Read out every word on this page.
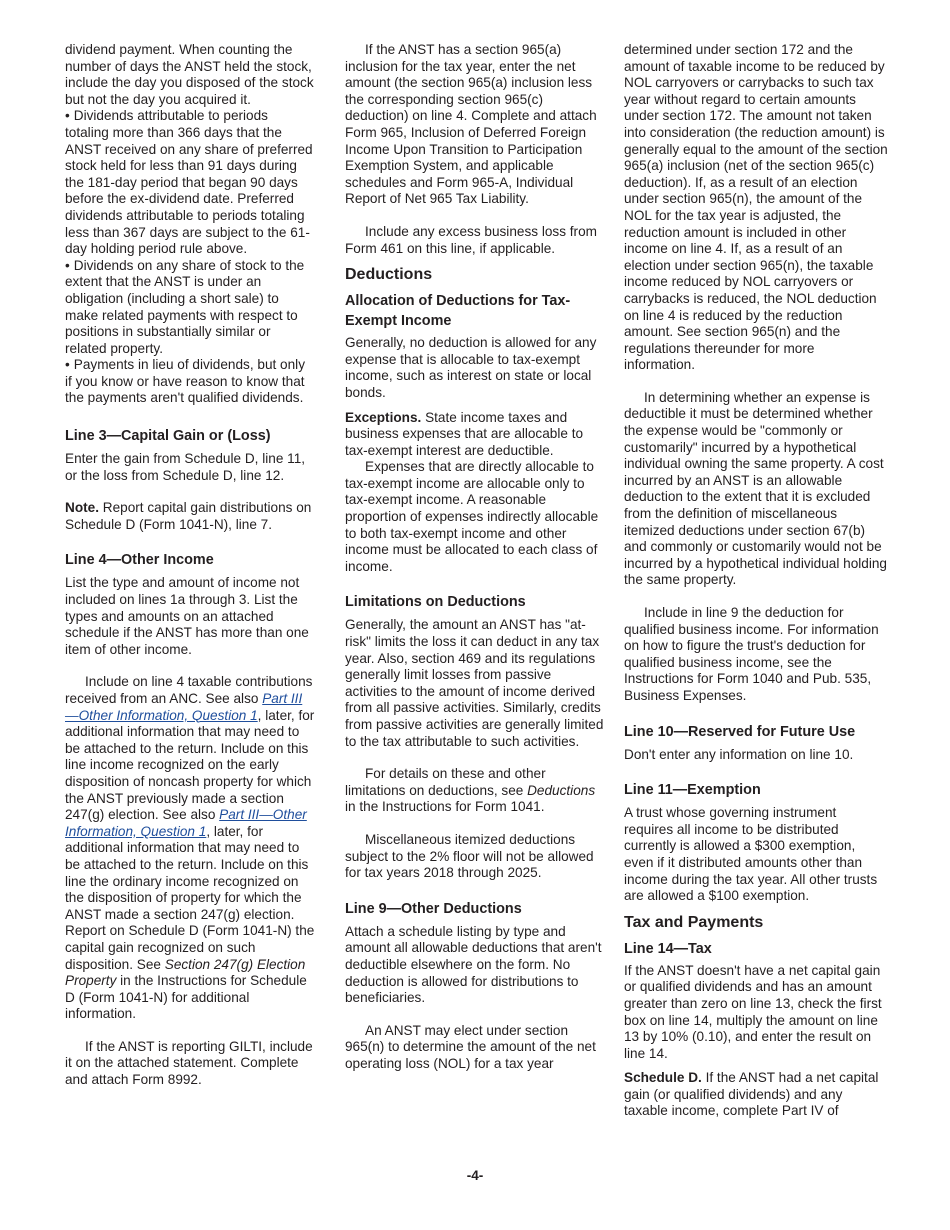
dividend payment. When counting the number of days the ANST held the stock, include the day you disposed of the stock but not the day you acquired it.

• Dividends attributable to periods totaling more than 366 days that the ANST received on any share of preferred stock held for less than 91 days during the 181-day period that began 90 days before the ex-dividend date. Preferred dividends attributable to periods totaling less than 367 days are subject to the 61-day holding period rule above.

• Dividends on any share of stock to the extent that the ANST is under an obligation (including a short sale) to make related payments with respect to positions in substantially similar or related property.

• Payments in lieu of dividends, but only if you know or have reason to know that the payments aren't qualified dividends.

Line 3—Capital Gain or (Loss)

Enter the gain from Schedule D, line 11, or the loss from Schedule D, line 12.

Note. Report capital gain distributions on Schedule D (Form 1041-N), line 7.

Line 4—Other Income

List the type and amount of income not included on lines 1a through 3. List the types and amounts on an attached schedule if the ANST has more than one item of other income.

Include on line 4 taxable contributions received from an ANC. See also Part III—Other Information, Question 1, later, for additional information that may need to be attached to the return. Include on this line income recognized on the early disposition of noncash property for which the ANST previously made a section 247(g) election. See also Part III—Other Information, Question 1, later, for additional information that may need to be attached to the return. Include on this line the ordinary income recognized on the disposition of property for which the ANST made a section 247(g) election. Report on Schedule D (Form 1041-N) the capital gain recognized on such disposition. See Section 247(g) Election Property in the Instructions for Schedule D (Form 1041-N) for additional information.

If the ANST is reporting GILTI, include it on the attached statement. Complete and attach Form 8992.

If the ANST has a section 965(a) inclusion for the tax year, enter the net amount (the section 965(a) inclusion less the corresponding section 965(c) deduction) on line 4. Complete and attach Form 965, Inclusion of Deferred Foreign Income Upon Transition to Participation Exemption System, and applicable schedules and Form 965-A, Individual Report of Net 965 Tax Liability.

Include any excess business loss from Form 461 on this line, if applicable.

Deductions
Allocation of Deductions for Tax-Exempt Income

Generally, no deduction is allowed for any expense that is allocable to tax-exempt income, such as interest on state or local bonds.

Exceptions. State income taxes and business expenses that are allocable to tax-exempt interest are deductible.

Expenses that are directly allocable to tax-exempt income are allocable only to tax-exempt income. A reasonable proportion of expenses indirectly allocable to both tax-exempt income and other income must be allocated to each class of income.

Limitations on Deductions

Generally, the amount an ANST has "at-risk" limits the loss it can deduct in any tax year. Also, section 469 and its regulations generally limit losses from passive activities to the amount of income derived from all passive activities. Similarly, credits from passive activities are generally limited to the tax attributable to such activities.

For details on these and other limitations on deductions, see Deductions in the Instructions for Form 1041.

Miscellaneous itemized deductions subject to the 2% floor will not be allowed for tax years 2018 through 2025.

Line 9—Other Deductions

Attach a schedule listing by type and amount all allowable deductions that aren't deductible elsewhere on the form. No deduction is allowed for distributions to beneficiaries.

An ANST may elect under section 965(n) to determine the amount of the net operating loss (NOL) for a tax year

determined under section 172 and the amount of taxable income to be reduced by NOL carryovers or carrybacks to such tax year without regard to certain amounts under section 172. The amount not taken into consideration (the reduction amount) is generally equal to the amount of the section 965(a) inclusion (net of the section 965(c) deduction). If, as a result of an election under section 965(n), the amount of the NOL for the tax year is adjusted, the reduction amount is included in other income on line 4. If, as a result of an election under section 965(n), the taxable income reduced by NOL carryovers or carrybacks is reduced, the NOL deduction on line 4 is reduced by the reduction amount. See section 965(n) and the regulations thereunder for more information.

In determining whether an expense is deductible it must be determined whether the expense would be "commonly or customarily" incurred by a hypothetical individual owning the same property. A cost incurred by an ANST is an allowable deduction to the extent that it is excluded from the definition of miscellaneous itemized deductions under section 67(b) and commonly or customarily would not be incurred by a hypothetical individual holding the same property.

Include in line 9 the deduction for qualified business income. For information on how to figure the trust's deduction for qualified business income, see the Instructions for Form 1040 and Pub. 535, Business Expenses.

Line 10—Reserved for Future Use

Don't enter any information on line 10.

Line 11—Exemption

A trust whose governing instrument requires all income to be distributed currently is allowed a $300 exemption, even if it distributed amounts other than income during the tax year. All other trusts are allowed a $100 exemption.

Tax and Payments
Line 14—Tax

If the ANST doesn't have a net capital gain or qualified dividends and has an amount greater than zero on line 13, check the first box on line 14, multiply the amount on line 13 by 10% (0.10), and enter the result on line 14.

Schedule D. If the ANST had a net capital gain (or qualified dividends) and any taxable income, complete Part IV of

-4-
